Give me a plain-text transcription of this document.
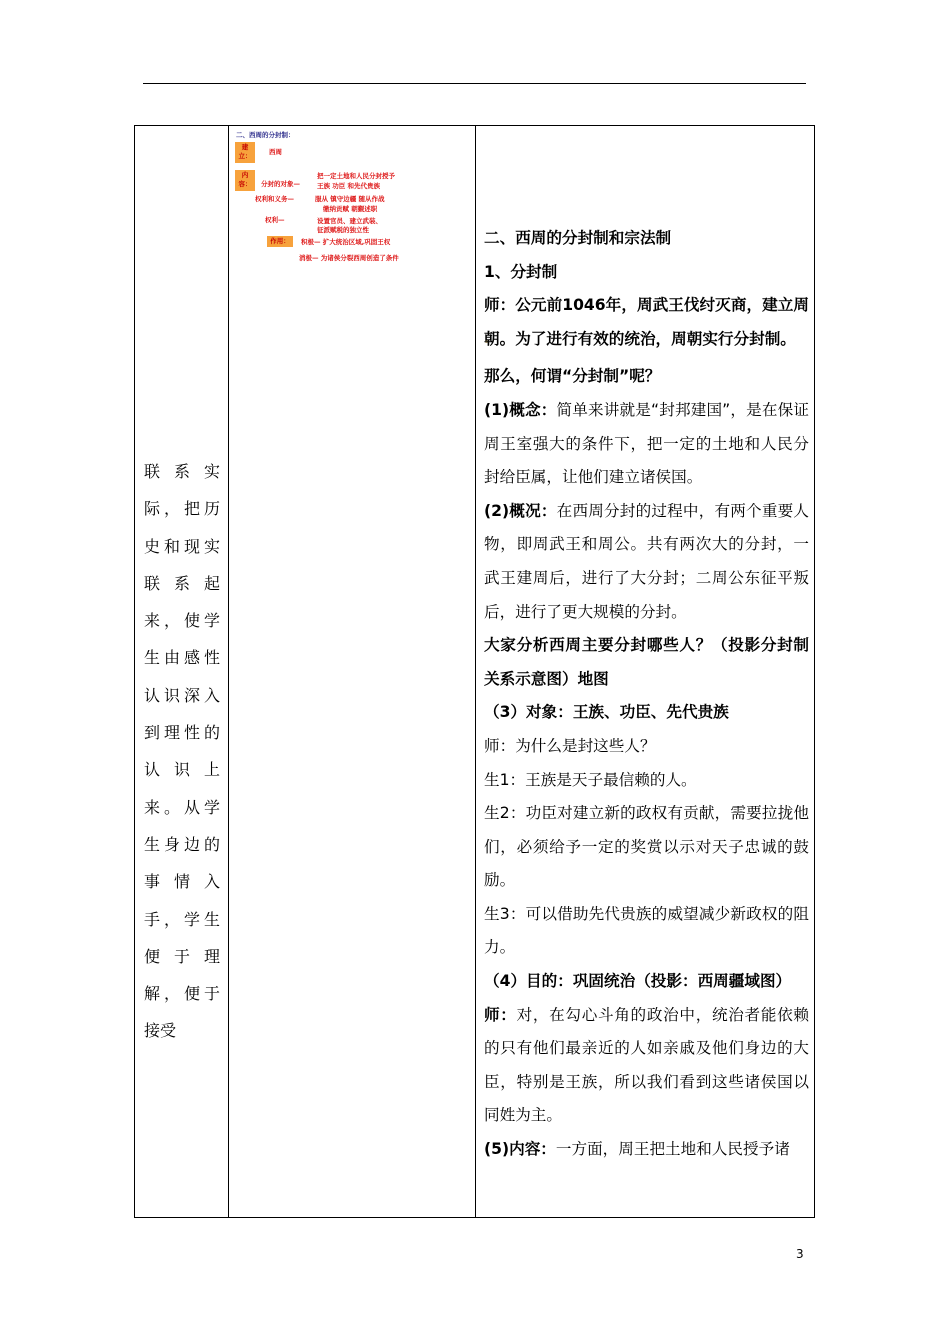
联系实
际，把历
史和现实
联系起
来，使学
生由感性
认识深入
到理性的
认识上
来。从学
生身边的
事情入
手，学生
便于理
解，便于
接受
二、西周的分封制：
建
立：	西周
内
容：	分封的对象—
把一定土地和人民分封授予
王族 功臣 和先代贵族
权利和义务—	服从 镇守边疆 随从作战
缴纳贡赋 朝觐述职
权利—	设置官员、建立武装、
征派赋税的独立性
作用：	积极— 扩大统治区域,巩固王权
消极— 为诸侯分裂西周创造了条件
二、西周的分封制和宗法制
1、分封制
师：公元前1046年，周武王伐纣灭商，建立周朝。为了进行有效的统治，周朝实行分封制。
那么，何谓“分封制”呢？
(1)概念：简单来讲就是“封邦建国”，是在保证周王室强大的条件下，把一定的土地和人民分封给臣属，让他们建立诸侯国。
(2)概况：在西周分封的过程中，有两个重要人物，即周武王和周公。共有两次大的分封，一武王建周后，进行了大分封；二周公东征平叛后，进行了更大规模的分封。
大家分析西周主要分封哪些人？（投影分封制关系示意图）地图
（3）对象：王族、功臣、先代贵族
师：为什么是封这些人？
生1：王族是天子最信赖的人。
生2：功臣对建立新的政权有贡献，需要拉拢他们，必须给予一定的奖赏以示对天子忠诚的鼓励。
生3：可以借助先代贵族的威望减少新政权的阻力。
（4）目的：巩固统治（投影：西周疆域图）
师：对，在勾心斗角的政治中，统治者能依赖的只有他们最亲近的人如亲戚及他们身边的大臣，特别是王族，所以我们看到这些诸侯国以同姓为主。
(5)内容：一方面，周王把土地和人民授予诸
3
